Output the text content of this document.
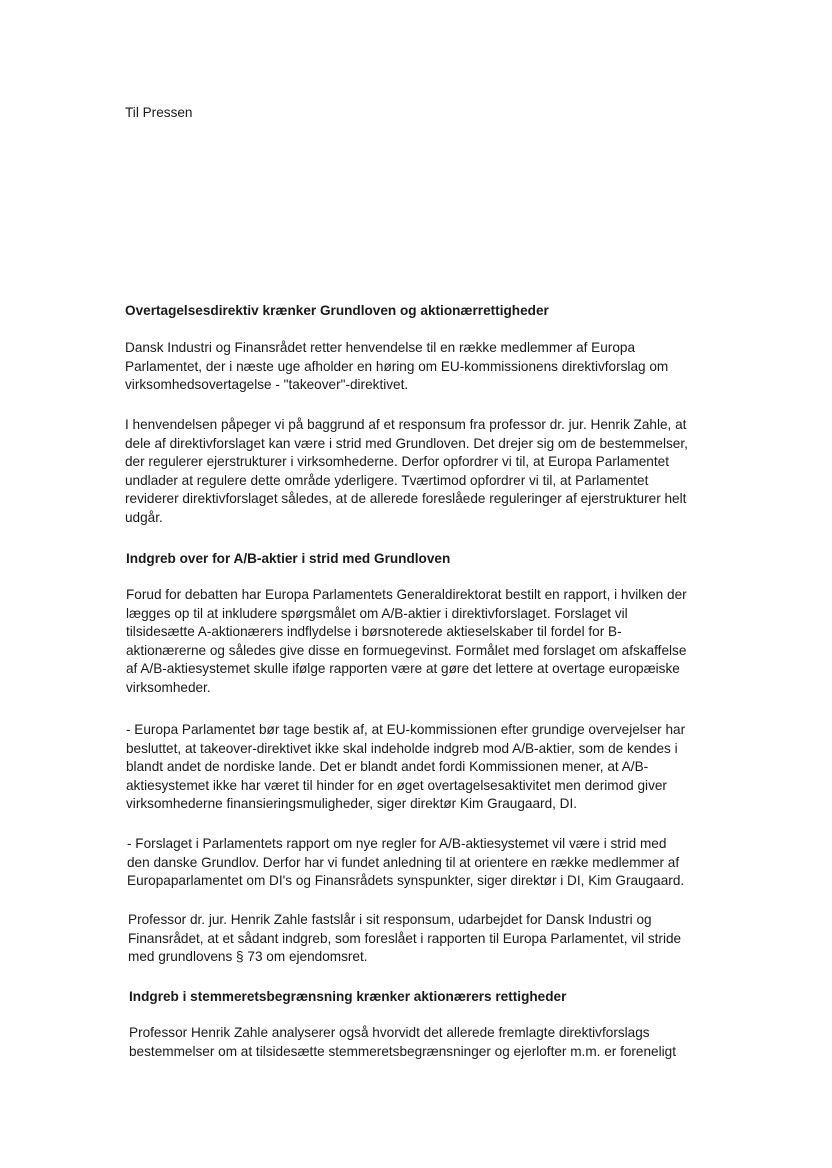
Til Pressen
Overtagelsesdirektiv krænker Grundloven og aktionærrettigheder
Dansk Industri og Finansrådet retter henvendelse til en række medlemmer af Europa
Parlamentet, der i næste uge afholder en høring om EU-kommissionens direktivforslag om
virksomhedsovertagelse - "takeover"-direktivet.
I henvendelsen påpeger vi på baggrund af et responsum fra professor dr. jur. Henrik Zahle, at
dele af direktivforslaget kan være i strid med Grundloven. Det drejer sig om de bestemmelser,
der regulerer ejerstrukturer i virksomhederne. Derfor opfordrer vi til, at Europa Parlamentet
undlader at regulere dette område yderligere. Tværtimod opfordrer vi til, at Parlamentet
reviderer direktivforslaget således, at de allerede foreslåede reguleringer af ejerstrukturer helt
udgår.
Indgreb over for A/B-aktier i strid med Grundloven
Forud for debatten har Europa Parlamentets Generaldirektorat bestilt en rapport, i hvilken der
lægges op til at inkludere spørgsmålet om A/B-aktier i direktivforslaget. Forslaget vil
tilsidesætte A-aktionærers indflydelse i børsnoterede aktieselskaber til fordel for B-
aktionærerne og således give disse en formuegevinst. Formålet med forslaget om afskaffelse
af A/B-aktiesystemet skulle ifølge rapporten være at gøre det lettere at overtage europæiske
virksomheder.
- Europa Parlamentet bør tage bestik af, at EU-kommissionen efter grundige overvejelser har
besluttet, at takeover-direktivet ikke skal indeholde indgreb mod A/B-aktier, som de kendes i
blandt andet de nordiske lande. Det er blandt andet fordi Kommissionen mener, at A/B-
aktiesystemet ikke har været til hinder for en øget overtagelsesaktivitet men derimod giver
virksomhederne finansieringsmuligheder, siger direktør Kim Graugaard, DI.
- Forslaget i Parlamentets rapport om nye regler for A/B-aktiesystemet vil være i strid med
den danske Grundlov. Derfor har vi fundet anledning til at orientere en række medlemmer af
Europaparlamentet om DI's og Finansrådets synspunkter, siger direktør i DI, Kim Graugaard.
Professor dr. jur. Henrik Zahle fastslår i sit responsum, udarbejdet for Dansk Industri og
Finansrådet, at et sådant indgreb, som foreslået i rapporten til Europa Parlamentet, vil stride
med grundlovens § 73 om ejendomsret.
Indgreb i stemmeretsbegrænsning krænker aktionærers rettigheder
Professor Henrik Zahle analyserer også hvorvidt det allerede fremlagte direktivforslags
bestemmelser om at tilsidesætte stemmeretsbegrænsninger og ejerlofter m.m. er foreneligt
